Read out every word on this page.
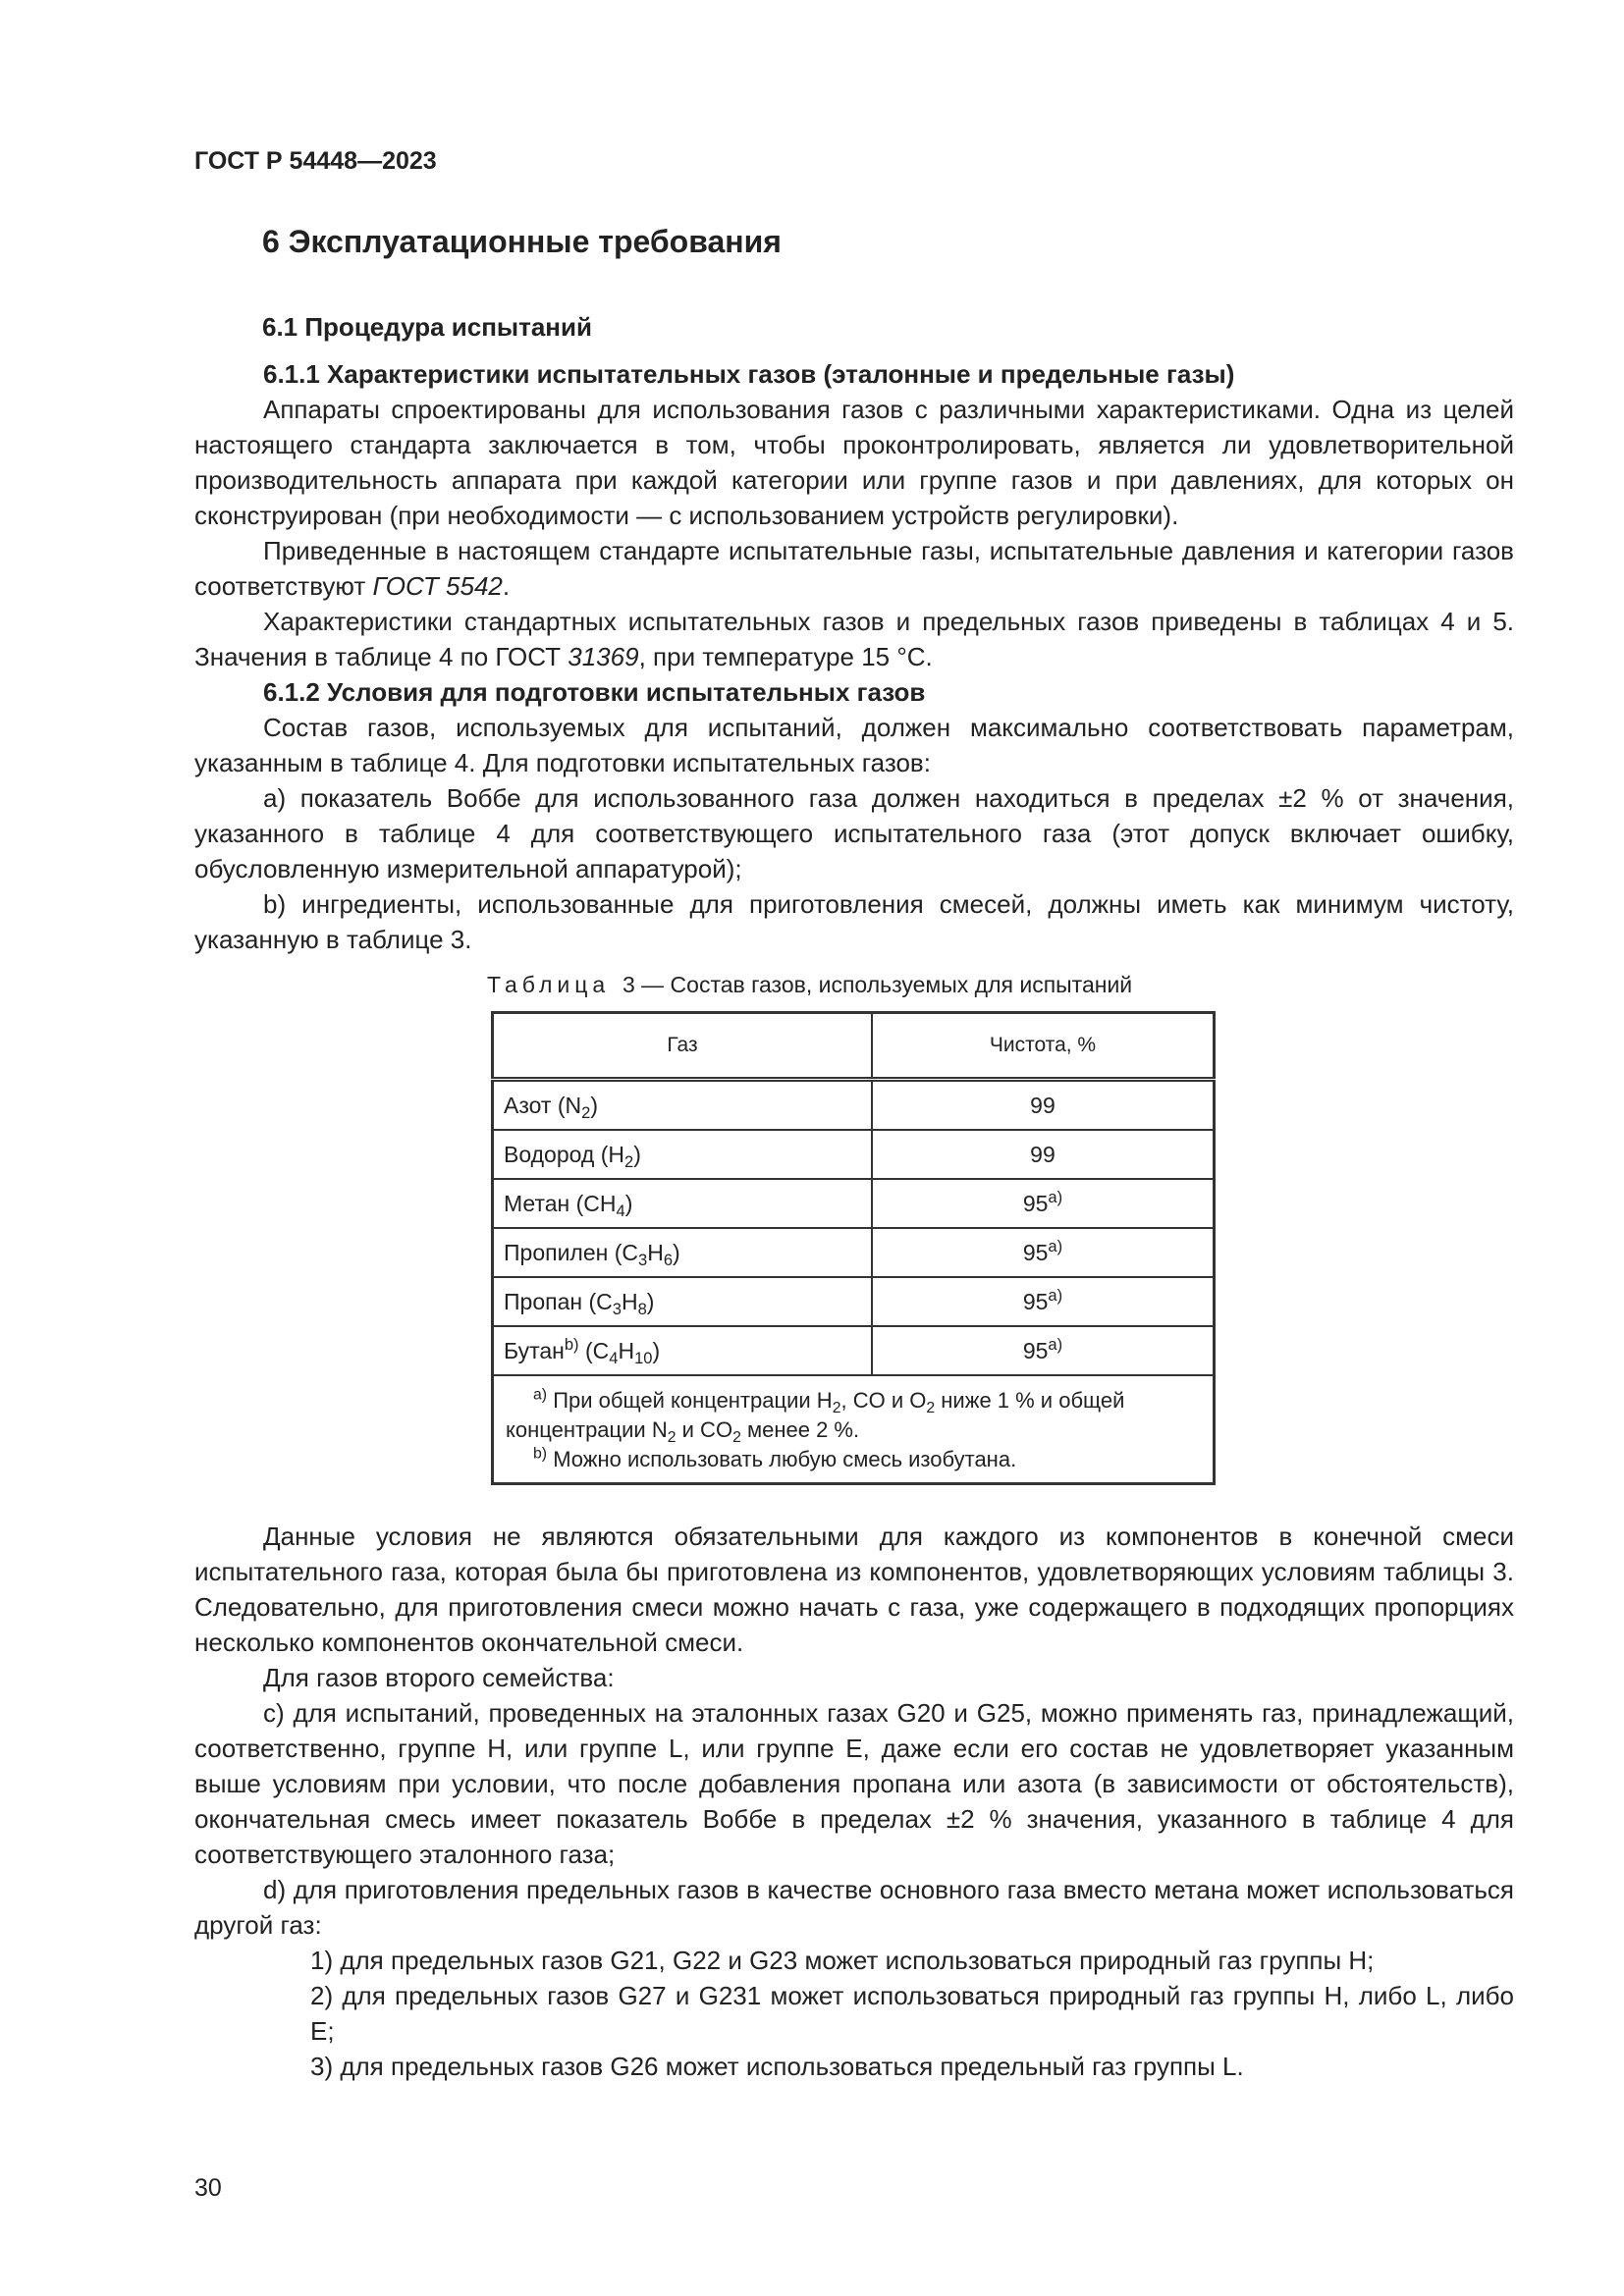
ГОСТ Р 54448—2023
6 Эксплуатационные требования
6.1 Процедура испытаний

6.1.1 Характеристики испытательных газов (эталонные и предельные газы)

Аппараты спроектированы для использования газов с различными характеристиками. Одна из целей настоящего стандарта заключается в том, чтобы проконтролировать, является ли удовлетворительной производительность аппарата при каждой категории или группе газов и при давлениях, для которых он сконструирован (при необходимости — с использованием устройств регулировки).

Приведенные в настоящем стандарте испытательные газы, испытательные давления и категории газов соответствуют ГОСТ 5542.

Характеристики стандартных испытательных газов и предельных газов приведены в таблицах 4 и 5. Значения в таблице 4 по ГОСТ 31369, при температуре 15 °С.

6.1.2 Условия для подготовки испытательных газов

Состав газов, используемых для испытаний, должен максимально соответствовать параметрам, указанным в таблице 4. Для подготовки испытательных газов:

а) показатель Воббе для использованного газа должен находиться в пределах ±2 % от значения, указанного в таблице 4 для соответствующего испытательного газа (этот допуск включает ошибку, обусловленную измерительной аппаратурой);

b) ингредиенты, использованные для приготовления смесей, должны иметь как минимум чистоту, указанную в таблице 3.

Таблица 3 — Состав газов, используемых для испытаний
Газ	Чистота, %
Азот $(N_2)$	99
Водород $(H_2)$	99
Метан $(CH_4)$	95$^{a)}$
Пропилен $(C_3H_6)$	95$^{a)}$
Пропан $(C_3H_8)$	95$^{a)}$
Бутан$^{b)}$ $(C_4H_{10})$	95$^{a)}$

$^{a)}$ При общей концентрации $H_2$, CO и $O_2$ ниже 1 % и общей
концентрации $N_2$ и $CO_2$ менее 2 %.
$^{b)}$ Можно использовать любую смесь изобутана.	

Данные условия не являются обязательными для каждого из компонентов в конечной смеси испытательного газа, которая была бы приготовлена из компонентов, удовлетворяющих условиям таблицы 3. Следовательно, для приготовления смеси можно начать с газа, уже содержащего в подходящих пропорциях несколько компонентов окончательной смеси.

Для газов второго семейства:

с) для испытаний, проведенных на эталонных газах G20 и G25, можно применять газ, принадлежащий, соответственно, группе H, или группе L, или группе E, даже если его состав не удовлетворяет указанным выше условиям при условии, что после добавления пропана или азота (в зависимости от обстоятельств), окончательная смесь имеет показатель Воббе в пределах ±2 % значения, указанного в таблице 4 для соответствующего эталонного газа;

d) для приготовления предельных газов в качестве основного газа вместо метана может использоваться другой газ:

1) для предельных газов G21, G22 и G23 может использоваться природный газ группы H;

2) для предельных газов G27 и G231 может использоваться природный газ группы H, либо L, либо E;

3) для предельных газов G26 может использоваться предельный газ группы L.

30
